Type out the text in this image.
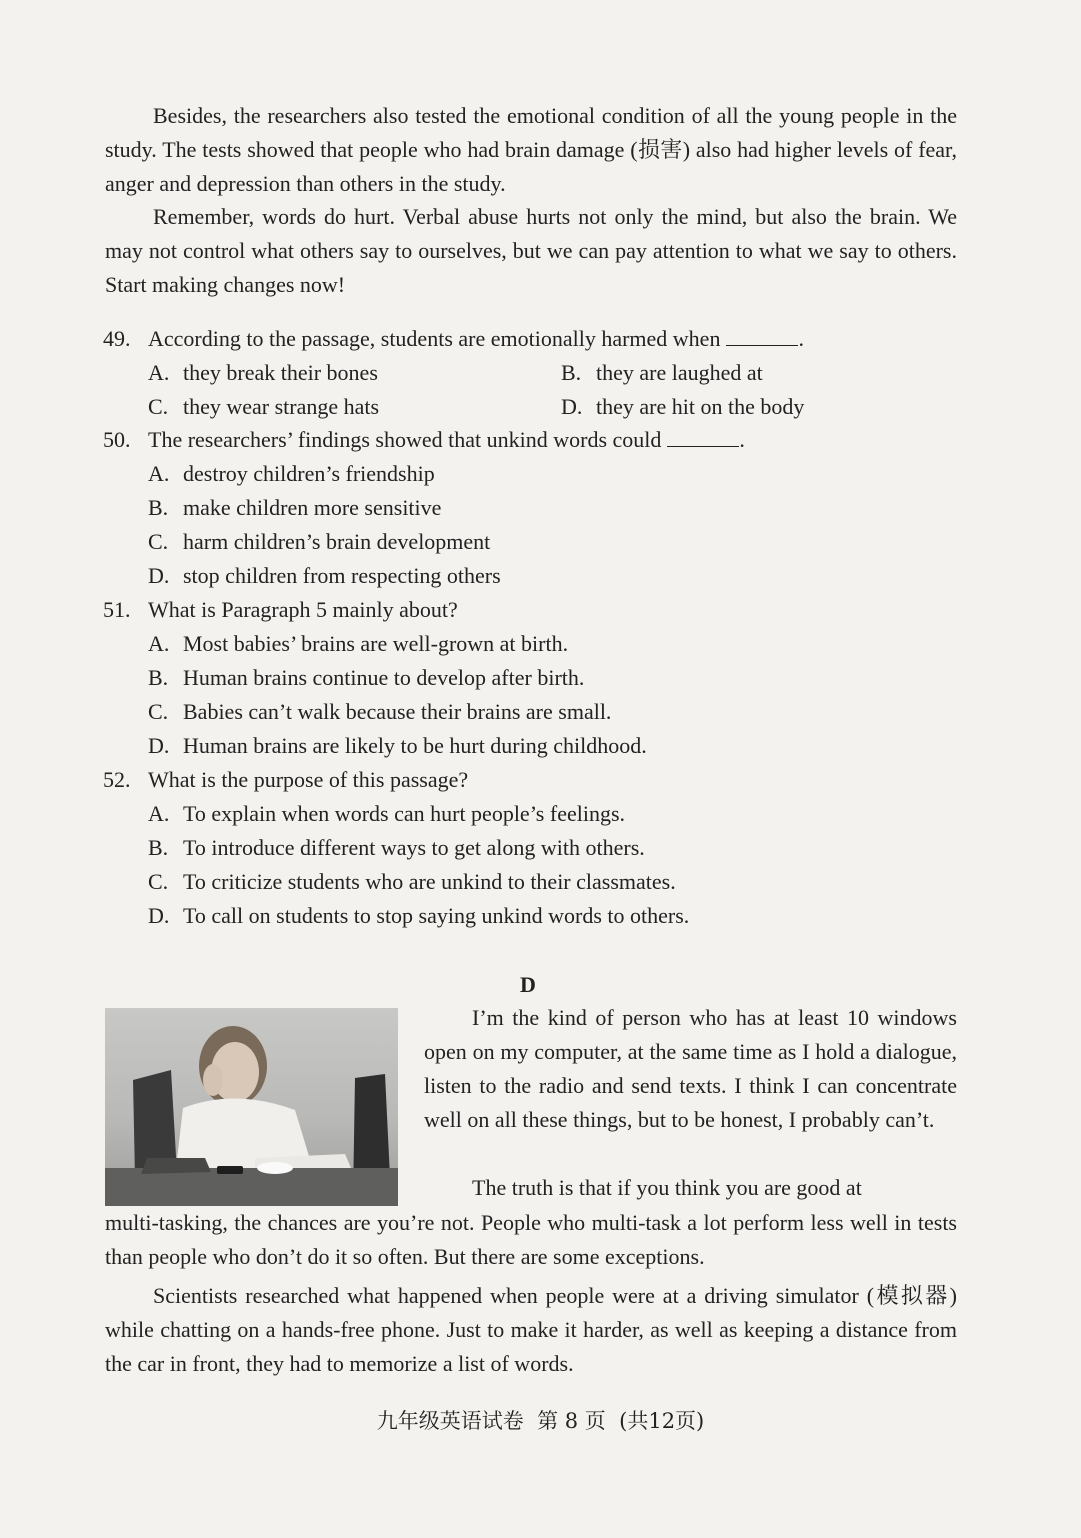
Besides, the researchers also tested the emotional condition of all the young people in the study. The tests showed that people who had brain damage (损害) also had higher levels of fear, anger and depression than others in the study.

Remember, words do hurt. Verbal abuse hurts not only the mind, but also the brain. We may not control what others say to ourselves, but we can pay attention to what we say to others. Start making changes now!

49. According to the passage, students are emotionally harmed when	.
A. they break their bones	B. they are laughed at
C. they wear strange hats	D. they are hit on the body
50. The researchers’ findings showed that unkind words could	.
A. destroy children’s friendship
B. make children more sensitive
C. harm children’s brain development
D. stop children from respecting others
51. What is Paragraph 5 mainly about?
A. Most babies’ brains are well-grown at birth.
B. Human brains continue to develop after birth.
C. Babies can’t walk because their brains are small.
D. Human brains are likely to be hurt during childhood.
52. What is the purpose of this passage?
A. To explain when words can hurt people’s feelings.
B. To introduce different ways to get along with others.
C. To criticize students who are unkind to their classmates.
D. To call on students to stop saying unkind words to others.
D

I’m the kind of person who has at least 10 windows open on my computer, at the same time as I hold a dialogue, listen to the radio and send texts. I think I can concentrate well on all these things, but to be honest, I probably can’t.

The truth is that if you think you are good at

multi-tasking, the chances are you’re not. People who multi-task a lot perform less well in tests than people who don’t do it so often. But there are some exceptions.

Scientists researched what happened when people were at a driving simulator (模拟器) while chatting on a hands-free phone. Just to make it harder, as well as keeping a distance from the car in front, they had to memorize a list of words.

九年级英语试卷  第 8 页  (共12页)
